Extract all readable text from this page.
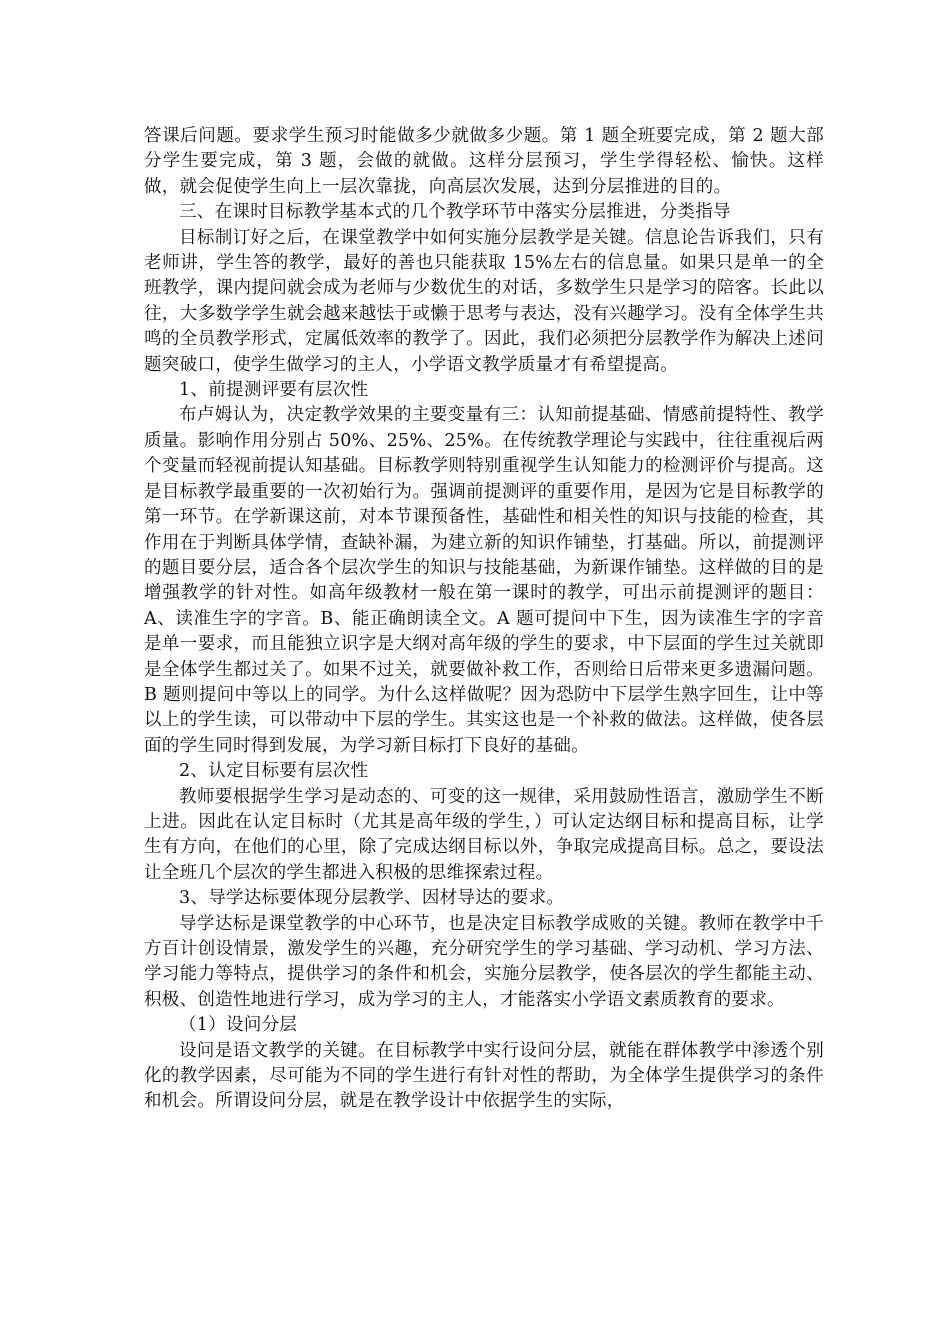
答课后问题。要求学生预习时能做多少就做多少题。第 1 题全班要完成，第 2 题大部分学生要完成，第 3 题，会做的就做。这样分层预习，学生学得轻松、愉快。这样做，就会促使学生向上一层次靠拢，向高层次发展，达到分层推进的目的。

三、在课时目标教学基本式的几个教学环节中落实分层推进，分类指导

目标制订好之后，在课堂教学中如何实施分层教学是关键。信息论告诉我们，只有老师讲，学生答的教学，最好的善也只能获取 15%左右的信息量。如果只是单一的全班教学，课内提问就会成为老师与少数优生的对话，多数学生只是学习的陪客。长此以往，大多数学学生就会越来越怯于或懒于思考与表达，没有兴趣学习。没有全体学生共鸣的全员教学形式，定属低效率的教学了。因此，我们必须把分层教学作为解决上述问题突破口，使学生做学习的主人，小学语文教学质量才有希望提高。

1、前提测评要有层次性

布卢姆认为，决定教学效果的主要变量有三：认知前提基础、情感前提特性、教学质量。影响作用分别占 50%、25%、25%。在传统教学理论与实践中，往往重视后两个变量而轻视前提认知基础。目标教学则特别重视学生认知能力的检测评价与提高。这是目标教学最重要的一次初始行为。强调前提测评的重要作用，是因为它是目标教学的第一环节。在学新课这前，对本节课预备性，基础性和相关性的知识与技能的检查，其作用在于判断具体学情，查缺补漏，为建立新的知识作铺垫，打基础。所以，前提测评的题目要分层，适合各个层次学生的知识与技能基础，为新课作铺垫。这样做的目的是增强教学的针对性。如高年级教材一般在第一课时的教学，可出示前提测评的题目：A、读准生字的字音。B、能正确朗读全文。A 题可提问中下生，因为读准生字的字音是单一要求，而且能独立识字是大纲对高年级的学生的要求，中下层面的学生过关就即是全体学生都过关了。如果不过关，就要做补救工作，否则给日后带来更多遗漏问题。B 题则提问中等以上的同学。为什么这样做呢？因为恐防中下层学生熟字回生，让中等以上的学生读，可以带动中下层的学生。其实这也是一个补救的做法。这样做，使各层面的学生同时得到发展，为学习新目标打下良好的基础。

2、认定目标要有层次性

教师要根据学生学习是动态的、可变的这一规律，采用鼓励性语言，激励学生不断上进。因此在认定目标时（尤其是高年级的学生，）可认定达纲目标和提高目标，让学生有方向，在他们的心里，除了完成达纲目标以外，争取完成提高目标。总之，要设法让全班几个层次的学生都进入积极的思维探索过程。

3、导学达标要体现分层教学、因材导达的要求。

导学达标是课堂教学的中心环节，也是决定目标教学成败的关键。教师在教学中千方百计创设情景，激发学生的兴趣，充分研究学生的学习基础、学习动机、学习方法、学习能力等特点，提供学习的条件和机会，实施分层教学，使各层次的学生都能主动、积极、创造性地进行学习，成为学习的主人，才能落实小学语文素质教育的要求。

（1）设问分层

设问是语文教学的关键。在目标教学中实行设问分层，就能在群体教学中渗透个别化的教学因素，尽可能为不同的学生进行有针对性的帮助，为全体学生提供学习的条件和机会。所谓设问分层，就是在教学设计中依据学生的实际，
